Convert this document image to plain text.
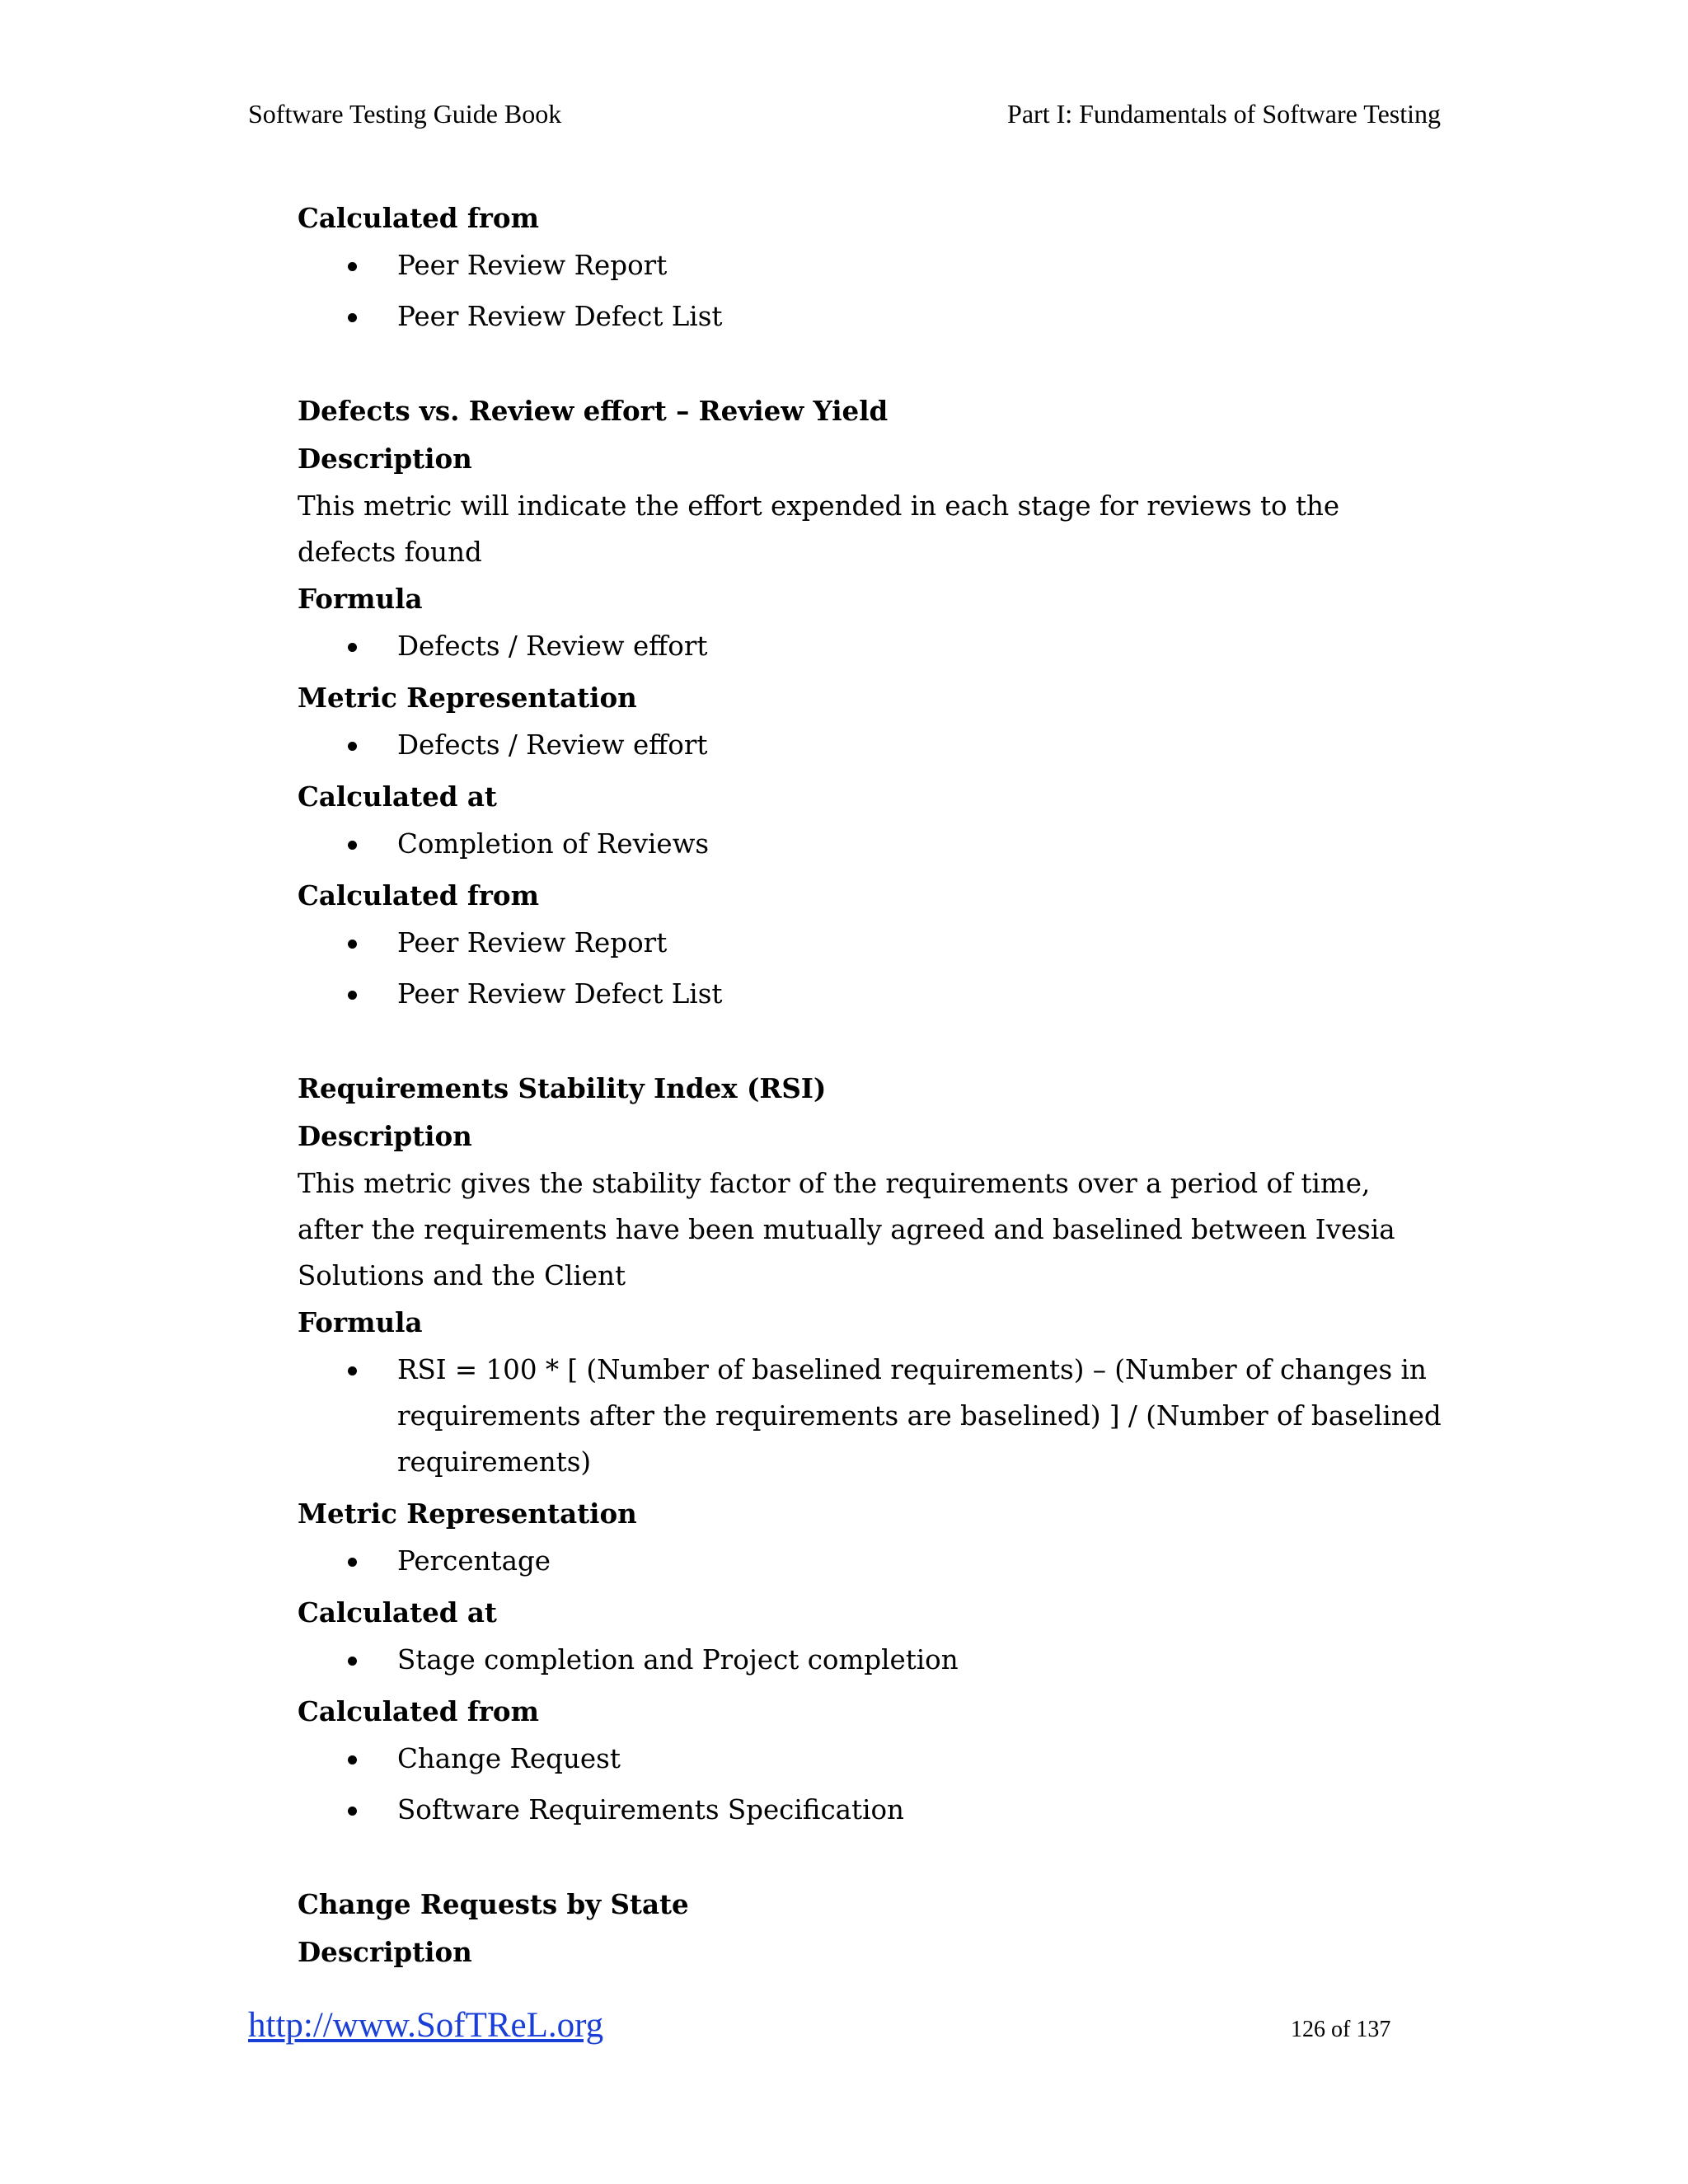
Software Testing Guide Book	Part I: Fundamentals of Software Testing
Calculated from
Peer Review Report
Peer Review Defect List
Defects vs. Review effort – Review Yield
Description

This metric will indicate the effort expended in each stage for reviews to the defects found

Formula
Defects / Review effort
Metric Representation
Defects / Review effort
Calculated at
Completion of Reviews
Calculated from
Peer Review Report
Peer Review Defect List
Requirements Stability Index (RSI)
Description

This metric gives the stability factor of the requirements over a period of time, after the requirements have been mutually agreed and baselined between Ivesia Solutions and the Client

Formula
RSI = 100 * [ (Number of baselined requirements) – (Number of changes in requirements after the requirements are baselined) ] / (Number of baselined requirements)
Metric Representation
Percentage
Calculated at
Stage completion and Project completion
Calculated from
Change Request
Software Requirements Specification
Change Requests by State
Description
http://www.SofTReL.org	126 of 137
